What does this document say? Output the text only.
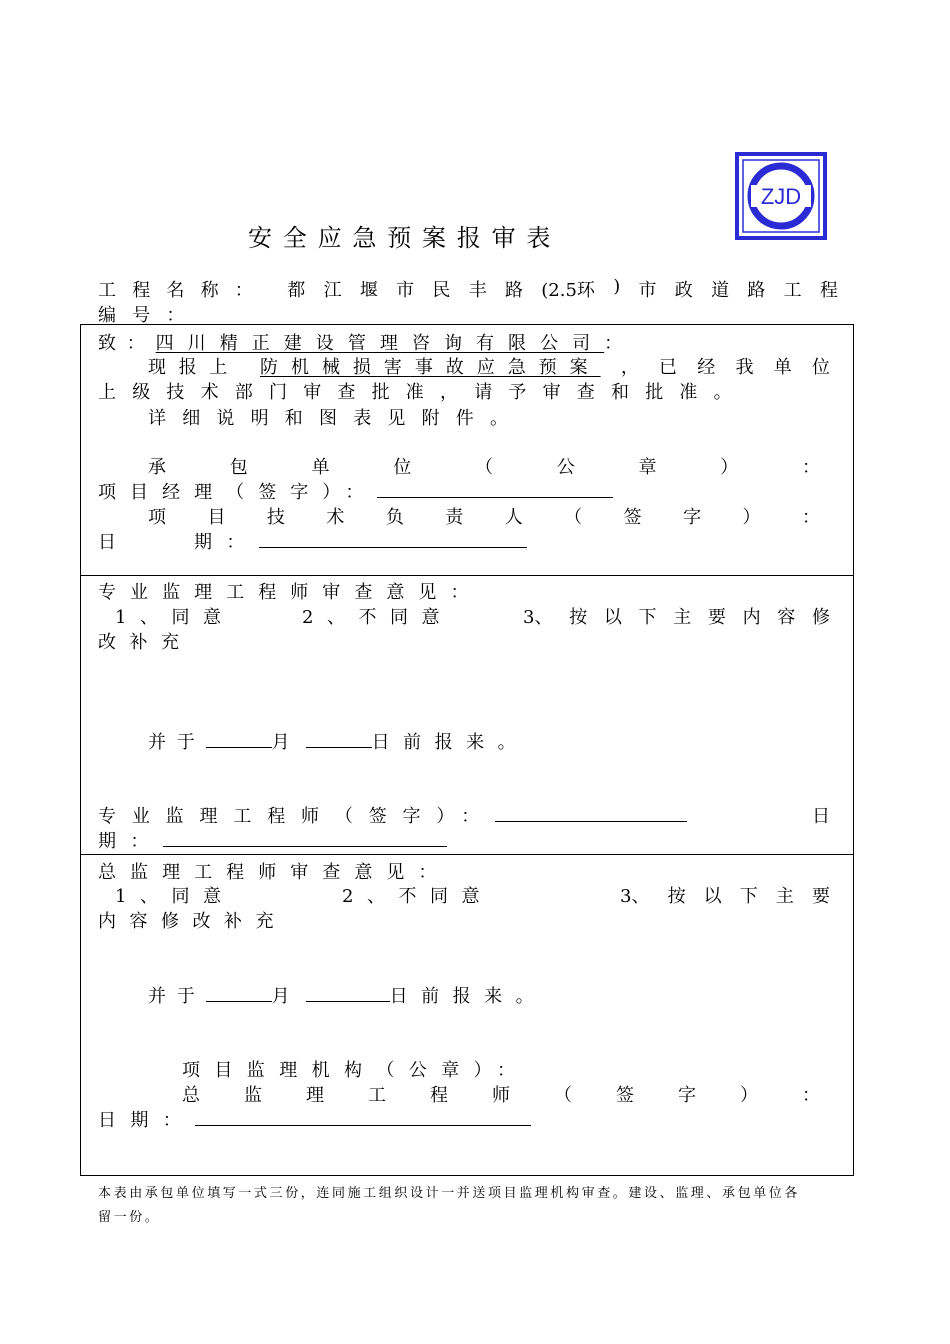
安全应急预案报审表
ZJD
工程名称： 都 江 堰 市 民 丰 路 (2.5环 ) 市 政 道 路 工 程
编号：
致：四川精正建设管理咨询有限公司：
现报上 防机械损害事故应急预案 ， 已 经 我 单 位
上级技术部门审查批准，请予审查和批准。
详细说明和图表见附件。
承	包	单	位	（	公	章	）	：
项目经理（签字）：
项 目 技 术 负 责 人 （ 签 字 ） ：
日	期：
专业监理工程师审查意见：
1、同意	2、不同意	3、 按 以 下 主 要 内 容 修
改补充
并于	月	日前报来。
专业监理工程师（签字）：	日
期：
总监理工程师审查意见：
1、同意	2、不同意	3、 按 以 下 主 要
内容修改补充
并于	月	日前报来。
项目监理机构（公章）：
总 监 理 工 程 师 （ 签 字 ） ：
日期：
本表由承包单位填写一式三份，连同施工组织设计一并送项目监理机构审查。建设、监理、承包单位各
留一份。
